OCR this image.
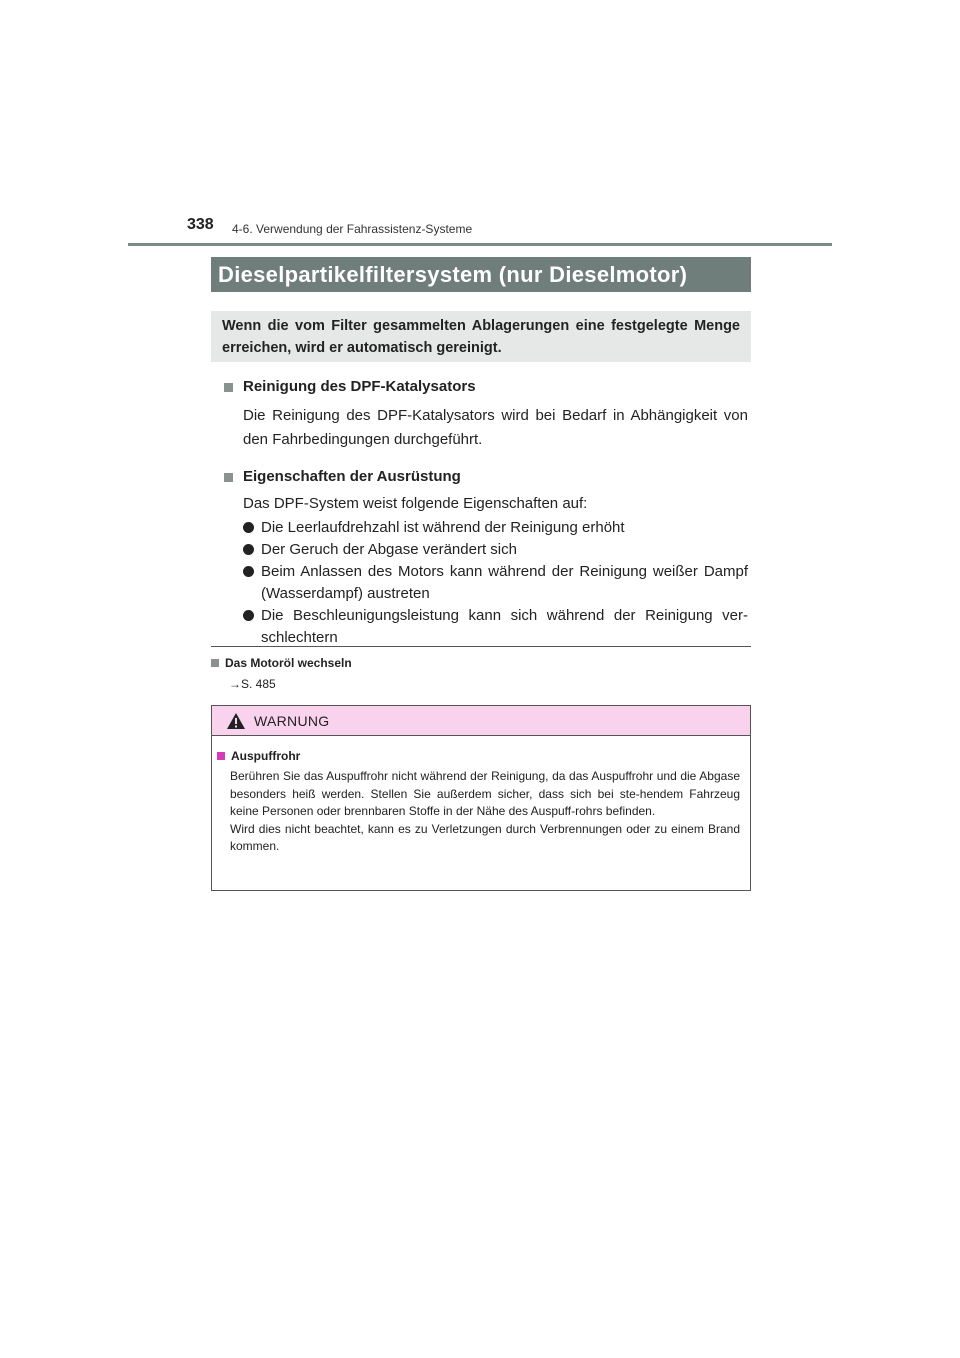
338 4-6. Verwendung der Fahrassistenz-Systeme
Dieselpartikelfiltersystem (nur Dieselmotor)
Wenn die vom Filter gesammelten Ablagerungen eine festgelegte Menge erreichen, wird er automatisch gereinigt.
Reinigung des DPF-Katalysators
Die Reinigung des DPF-Katalysators wird bei Bedarf in Abhängigkeit von den Fahrbedingungen durchgeführt.
Eigenschaften der Ausrüstung
Das DPF-System weist folgende Eigenschaften auf:
Die Leerlaufdrehzahl ist während der Reinigung erhöht
Der Geruch der Abgase verändert sich
Beim Anlassen des Motors kann während der Reinigung weißer Dampf (Wasserdampf) austreten
Die Beschleunigungsleistung kann sich während der Reinigung ver-schlechtern
Das Motoröl wechseln
→S. 485
WARNUNG
Auspuffrohr

Berühren Sie das Auspuffrohr nicht während der Reinigung, da das Auspuffrohr und die Abgase besonders heiß werden. Stellen Sie außerdem sicher, dass sich bei ste-hendem Fahrzeug keine Personen oder brennbaren Stoffe in der Nähe des Auspuff-rohrs befinden.

Wird dies nicht beachtet, kann es zu Verletzungen durch Verbrennungen oder zu einem Brand kommen.
